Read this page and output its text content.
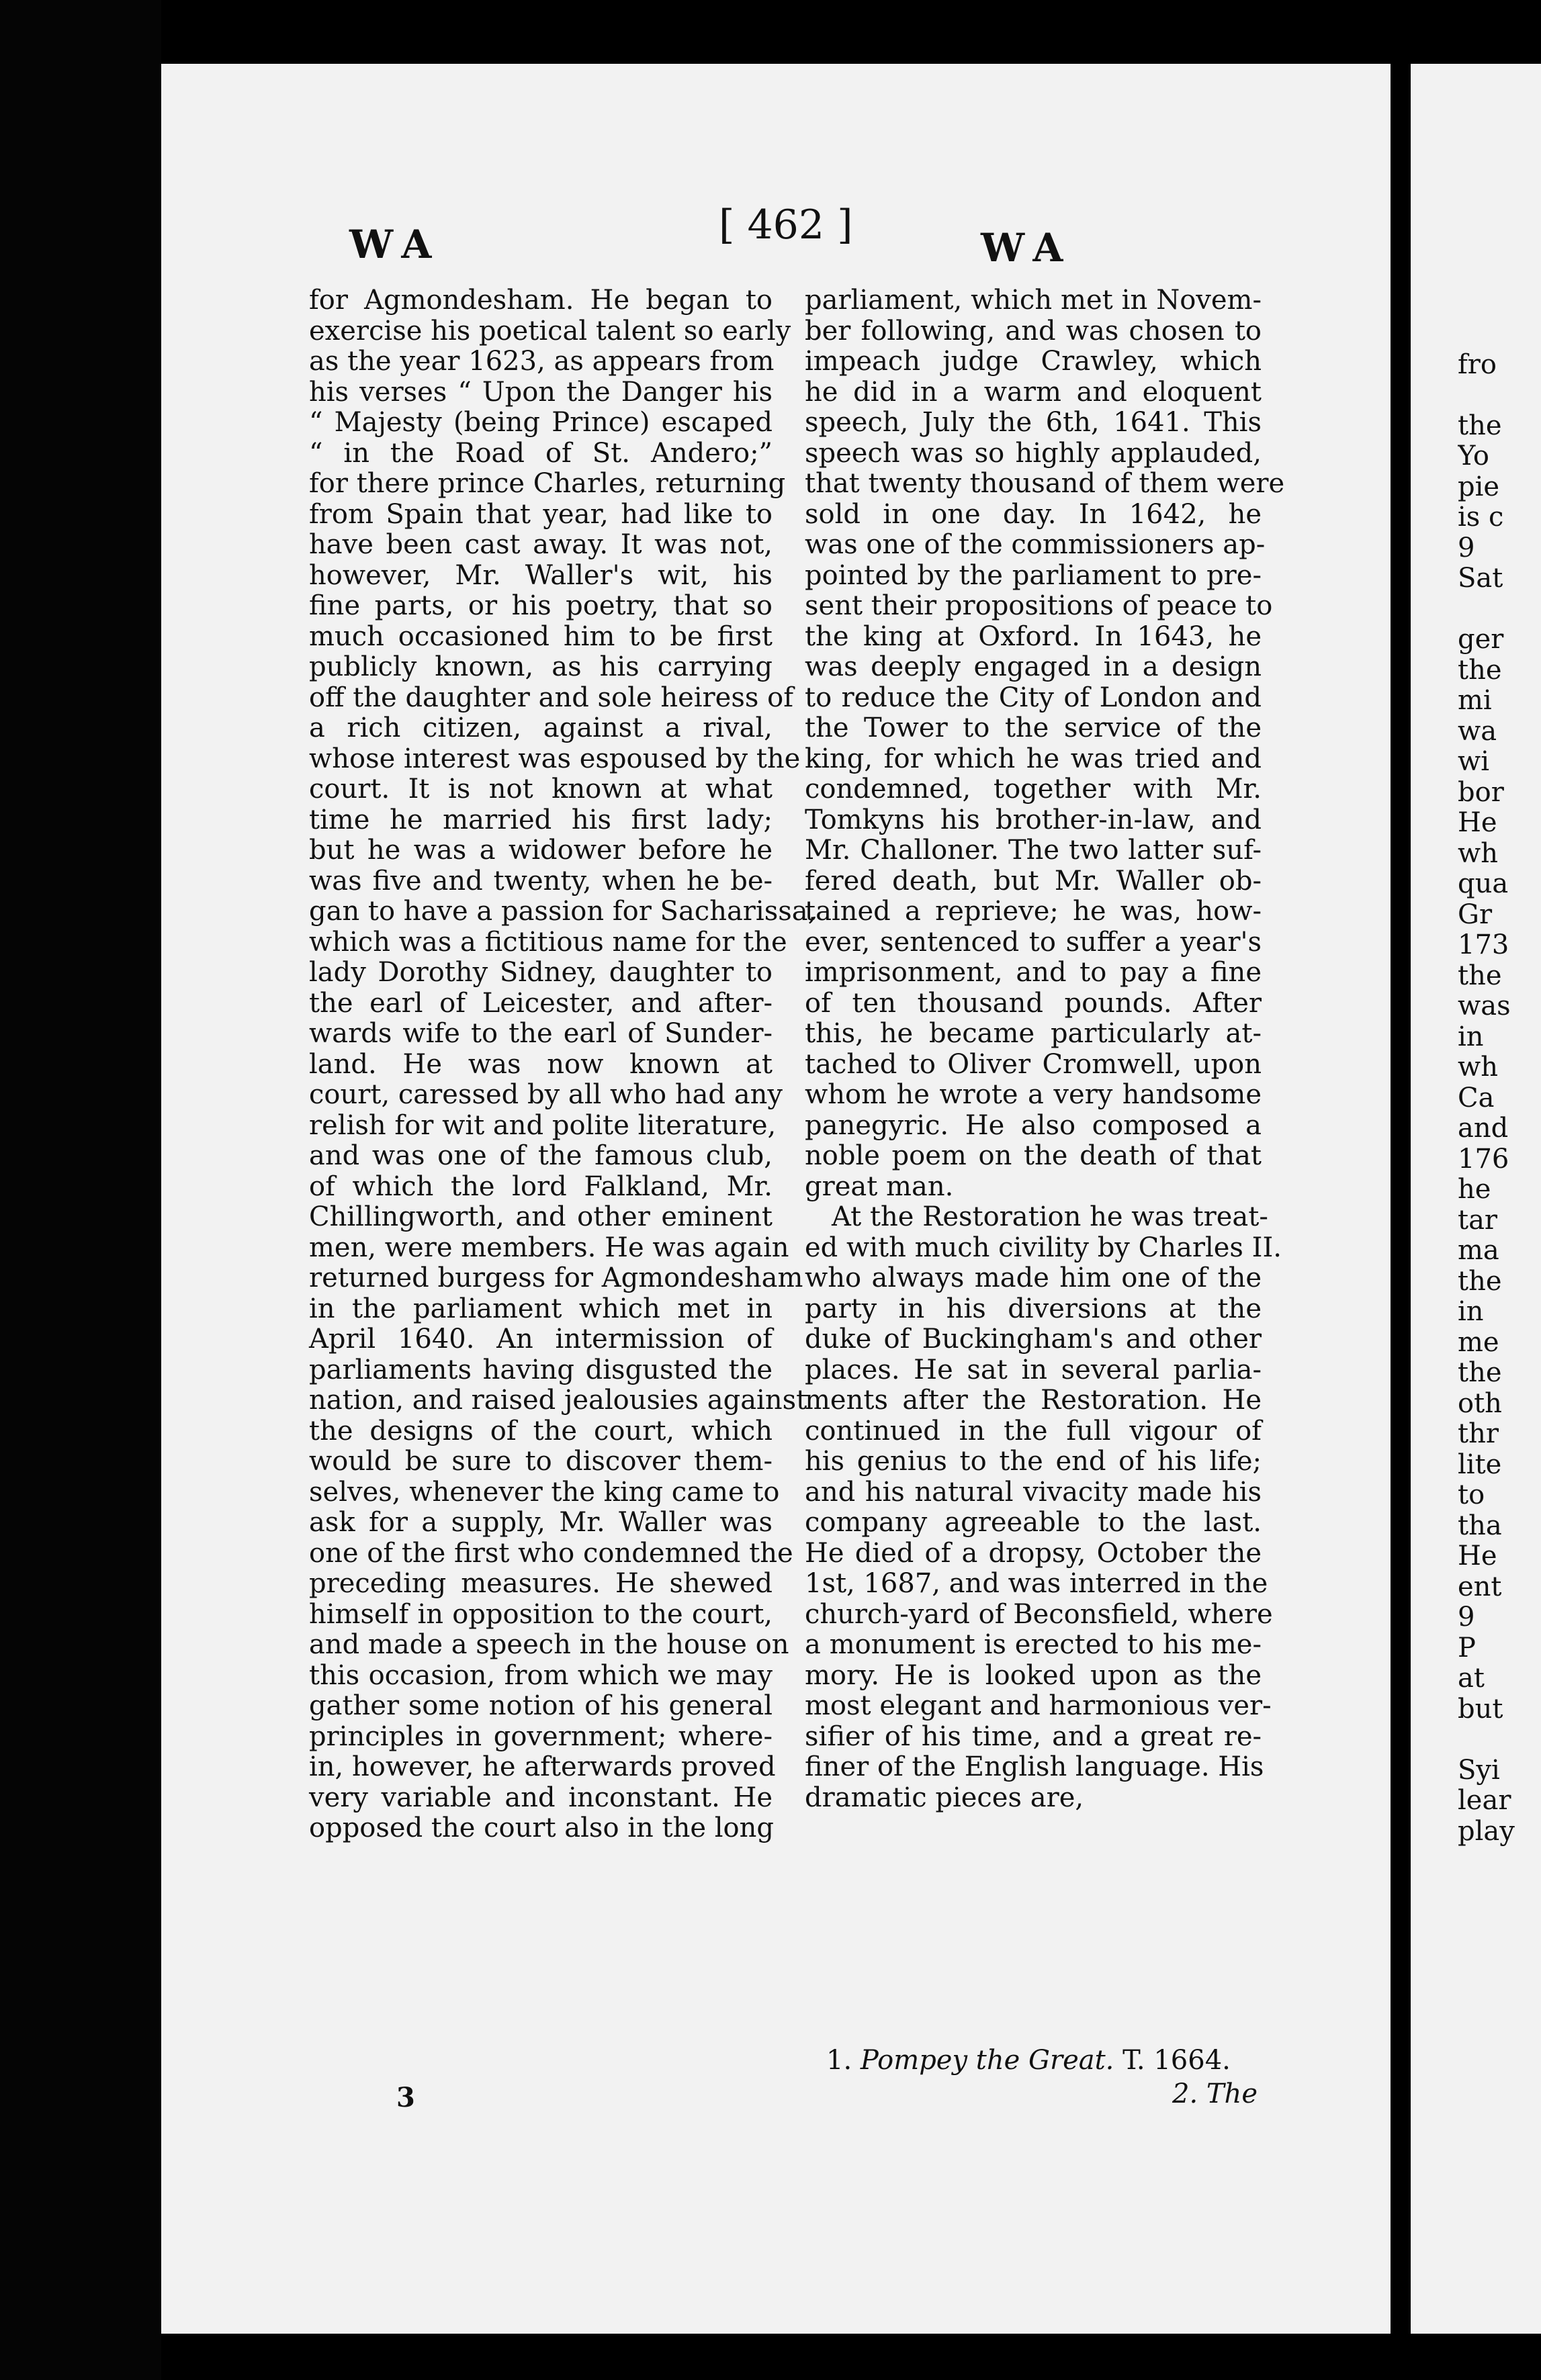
WA	[ 462 ]	WA
for Agmondesham. He began to
exercise his poetical talent so early
as the year 1623, as appears from
his verses “ Upon the Danger his
“ Majesty (being Prince) escaped
“ in the Road of St. Andero;”
for there prince Charles, returning
from Spain that year, had like to
have been cast away. It was not,
however, Mr. Waller's wit, his
fine parts, or his poetry, that so
much occasioned him to be first
publicly known, as his carrying
off the daughter and sole heiress of
a rich citizen, against a rival,
whose interest was espoused by the
court. It is not known at what
time he married his first lady;
but he was a widower before he
was five and twenty, when he be-
gan to have a passion for Sacharissa,
which was a fictitious name for the
lady Dorothy Sidney, daughter to
the earl of Leicester, and after-
wards wife to the earl of Sunder-
land. He was now known at
court, caressed by all who had any
relish for wit and polite literature,
and was one of the famous club,
of which the lord Falkland, Mr.
Chillingworth, and other eminent
men, were members. He was again
returned burgess for Agmondesham
in the parliament which met in
April 1640. An intermission of
parliaments having disgusted the
nation, and raised jealousies against
the designs of the court, which
would be sure to discover them-
selves, whenever the king came to
ask for a supply, Mr. Waller was
one of the first who condemned the
preceding measures. He shewed
himself in opposition to the court,
and made a speech in the house on
this occasion, from which we may
gather some notion of his general
principles in government; where-
in, however, he afterwards proved
very variable and inconstant. He
opposed the court also in the long
parliament, which met in Novem-
ber following, and was chosen to
impeach judge Crawley, which
he did in a warm and eloquent
speech, July the 6th, 1641. This
speech was so highly applauded,
that twenty thousand of them were
sold in one day. In 1642, he
was one of the commissioners ap-
pointed by the parliament to pre-
sent their propositions of peace to
the king at Oxford. In 1643, he
was deeply engaged in a design
to reduce the City of London and
the Tower to the service of the
king, for which he was tried and
condemned, together with Mr.
Tomkyns his brother-in-law, and
Mr. Challoner. The two latter suf-
fered death, but Mr. Waller ob-
tained a reprieve; he was, how-
ever, sentenced to suffer a year's
imprisonment, and to pay a fine
of ten thousand pounds. After
this, he became particularly at-
tached to Oliver Cromwell, upon
whom he wrote a very handsome
panegyric. He also composed a
noble poem on the death of that
great man.
At the Restoration he was treat-
ed with much civility by Charles II.
who always made him one of the
party in his diversions at the
duke of Buckingham's and other
places. He sat in several parlia-
ments after the Restoration. He
continued in the full vigour of
his genius to the end of his life;
and his natural vivacity made his
company agreeable to the last.
He died of a dropsy, October the
1st, 1687, and was interred in the
church-yard of Beconsfield, where
a monument is erected to his me-
mory. He is looked upon as the
most elegant and harmonious ver-
sifier of his time, and a great re-
finer of the English language. His
dramatic pieces are,
1. Pompey the Great. T. 1664.
3	2. The
fro
the
Yo
pie
is c
9
Sat
ger
the
mi
wa
wi
bor
He
wh
qua
Gr
173
the
was
in
wh
Ca
and
176
he
tar
ma
the
in
me
the
oth
thr
lite
to
tha
He
ent
9
P
at
but
Syi
lear
play
